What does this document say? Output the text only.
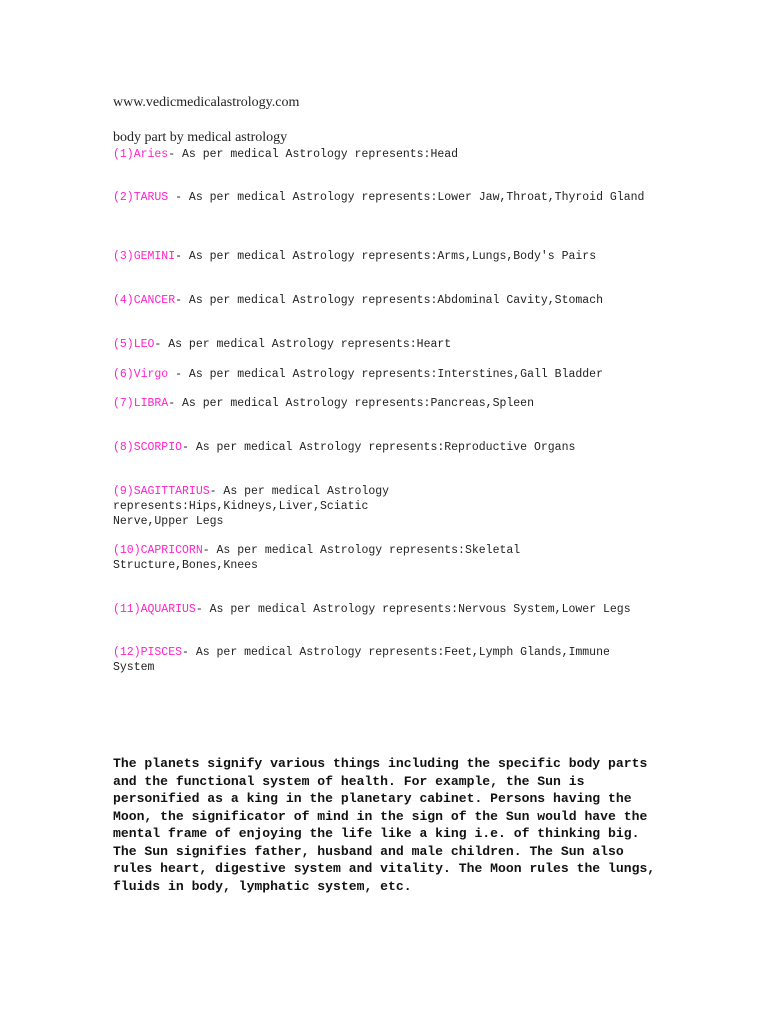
www.vedicmedicalastrology.com
body part by medical astrology
(1)Aries- As per medical Astrology represents:Head
(2)TARUS - As per medical Astrology represents:Lower Jaw,Throat,Thyroid Gland
(3)GEMINI- As per medical Astrology represents:Arms,Lungs,Body's Pairs
(4)CANCER- As per medical Astrology represents:Abdominal Cavity,Stomach
(5)LEO- As per medical Astrology represents:Heart
(6)Virgo - As per medical Astrology represents:Interstines,Gall Bladder
(7)LIBRA- As per medical Astrology represents:Pancreas,Spleen
(8)SCORPIO- As per medical Astrology represents:Reproductive Organs
(9)SAGITTARIUS- As per medical Astrology represents:Hips,Kidneys,Liver,Sciatic Nerve,Upper Legs
(10)CAPRICORN- As per medical Astrology represents:Skeletal Structure,Bones,Knees
(11)AQUARIUS- As per medical Astrology represents:Nervous System,Lower Legs
(12)PISCES- As per medical Astrology represents:Feet,Lymph Glands,Immune System
The planets signify various things including the specific body parts and the functional system of health. For example, the Sun is personified as a king in the planetary cabinet. Persons having the Moon, the significator of mind in the sign of the Sun would have the mental frame of enjoying the life like a king i.e. of thinking big. The Sun signifies father, husband and male children. The Sun also rules heart, digestive system and vitality. The Moon rules the lungs, fluids in body, lymphatic system, etc.
